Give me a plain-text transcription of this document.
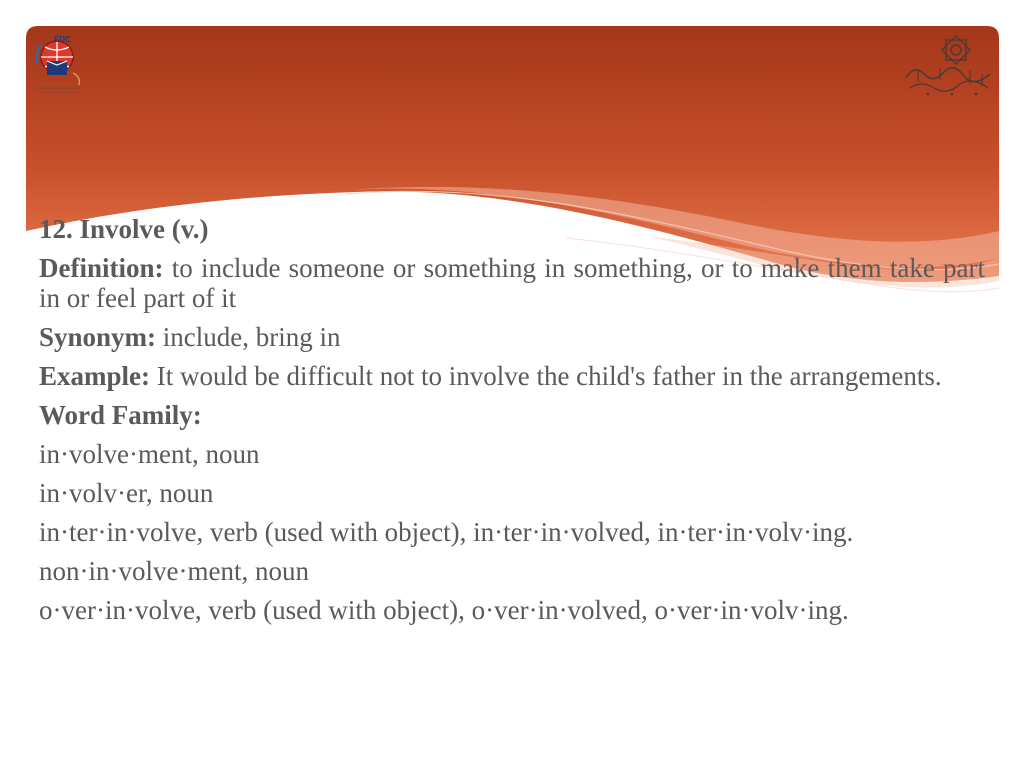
EDC

12. Involve (v.)

Definition: to include someone or something in something, or to make them take part in or feel part of it

Synonym: include, bring in

Example: It would be difficult not to involve the child's father in the arrangements.

Word Family:

in·volve·ment, noun

in·volv·er, noun

in·ter·in·volve, verb (used with object), in·ter·in·volved, in·ter·in·volv·ing.

non·in·volve·ment, noun

o·ver·in·volve, verb (used with object), o·ver·in·volved, o·ver·in·volv·ing.
